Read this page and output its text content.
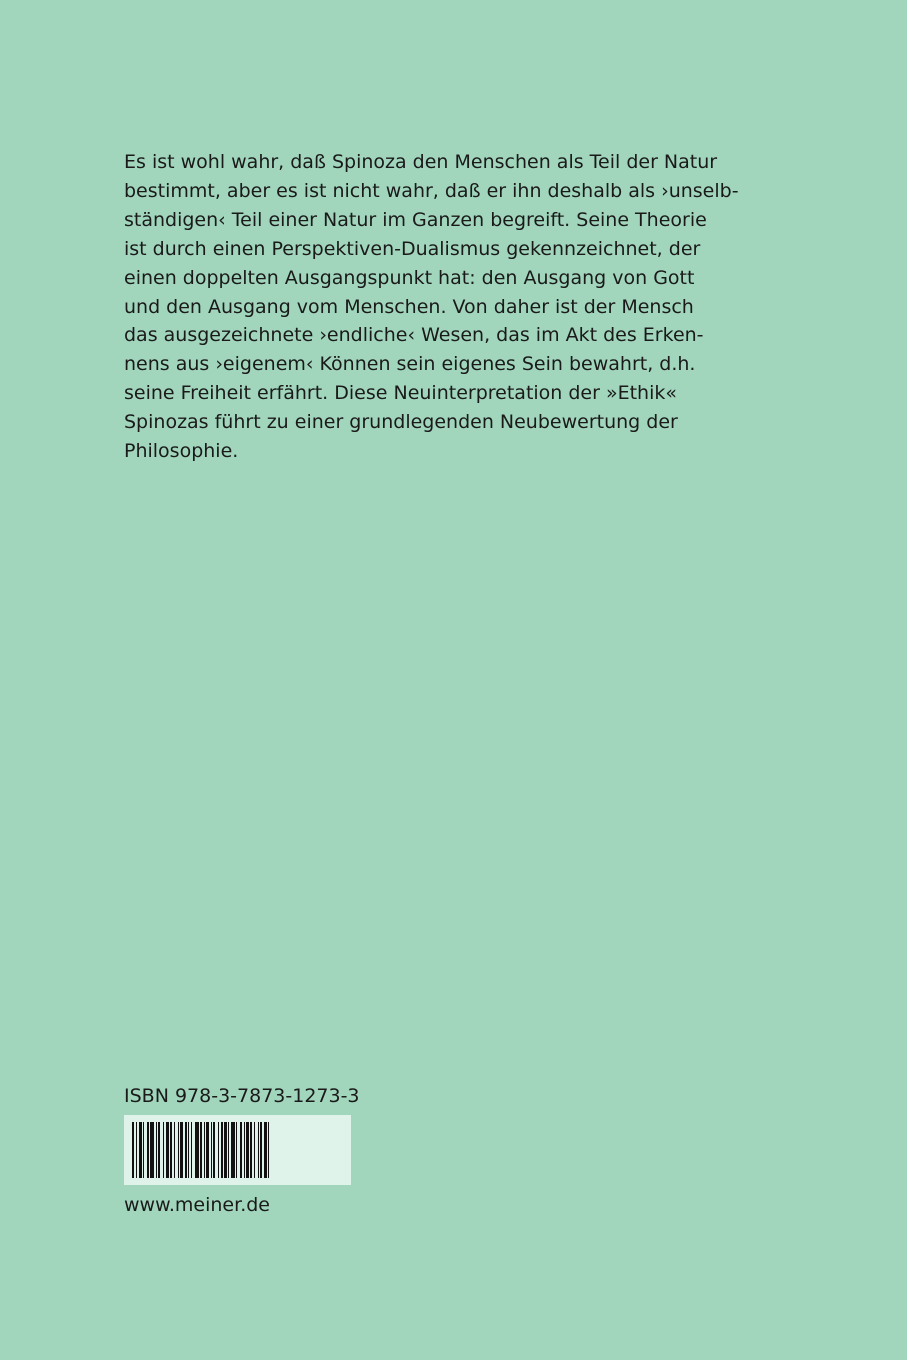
Es ist wohl wahr, daß Spinoza den Menschen als Teil der Natur
bestimmt, aber es ist nicht wahr, daß er ihn deshalb als ›unselb-
ständigen‹ Teil einer Natur im Ganzen begreift. Seine Theorie
ist durch einen Perspektiven-Dualismus gekennzeichnet, der
einen doppelten Ausgangspunkt hat: den Ausgang von Gott
und den Ausgang vom Menschen. Von daher ist der Mensch
das ausgezeichnete ›endliche‹ Wesen, das im Akt des Erken-
nens aus ›eigenem‹ Können sein eigenes Sein bewahrt, d.h.
seine Freiheit erfährt. Diese Neuinterpretation der »Ethik«
Spinozas führt zu einer grundlegenden Neubewertung der
Philosophie.
ISBN 978-3-7873-1273-3
www.meiner.de
